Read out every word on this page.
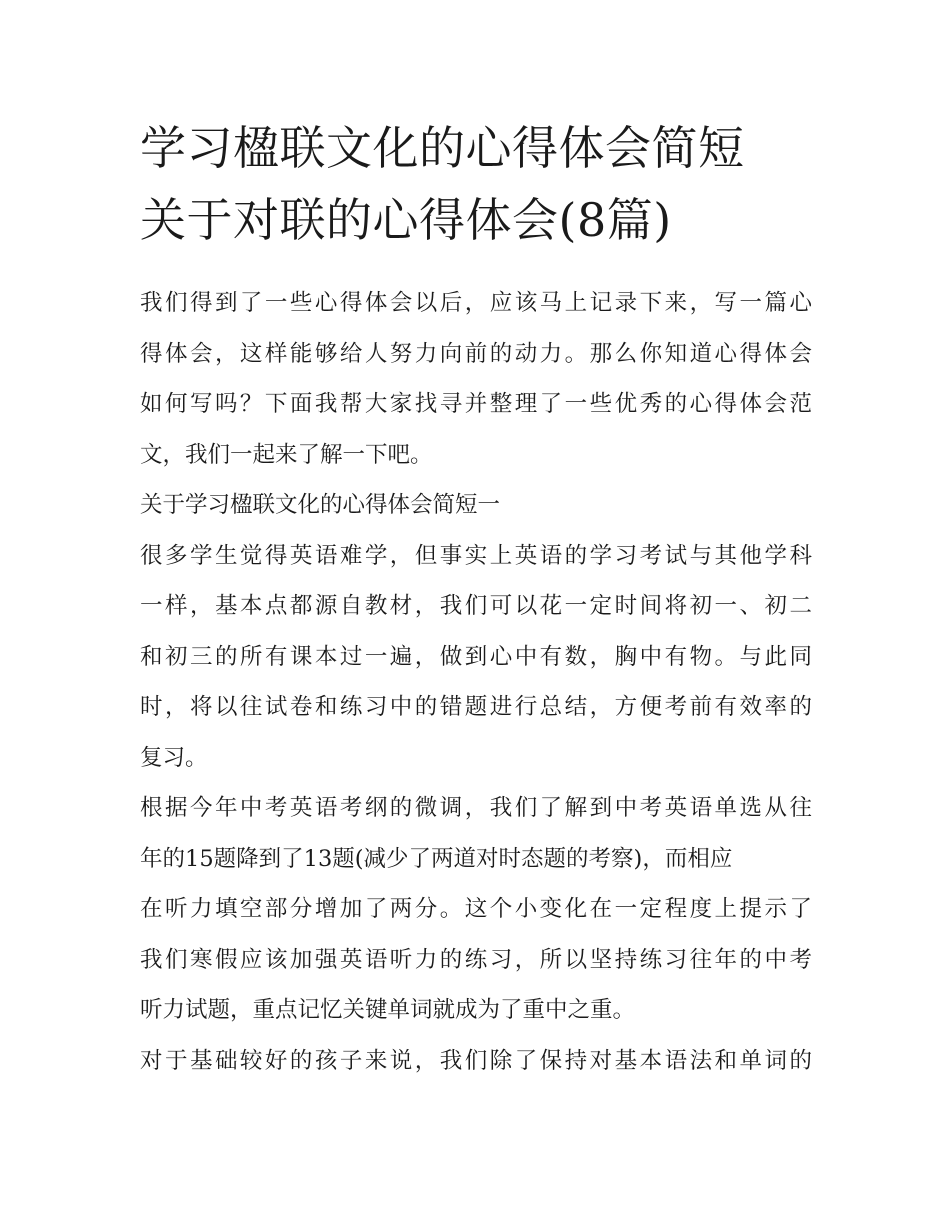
学习楹联文化的心得体会简短
关于对联的心得体会(8篇)

我们得到了一些心得体会以后，应该马上记录下来，写一篇心
得体会，这样能够给人努力向前的动力。那么你知道心得体会
如何写吗？下面我帮大家找寻并整理了一些优秀的心得体会范
文，我们一起来了解一下吧。

关于学习楹联文化的心得体会简短一

很多学生觉得英语难学，但事实上英语的学习考试与其他学科
一样，基本点都源自教材，我们可以花一定时间将初一、初二
和初三的所有课本过一遍，做到心中有数，胸中有物。与此同
时，将以往试卷和练习中的错题进行总结，方便考前有效率的
复习。

根据今年中考英语考纲的微调，我们了解到中考英语单选从往
年的15题降到了13题(减少了两道对时态题的考察)，而相应
在听力填空部分增加了两分。这个小变化在一定程度上提示了
我们寒假应该加强英语听力的练习，所以坚持练习往年的中考
听力试题，重点记忆关键单词就成为了重中之重。

对于基础较好的孩子来说，我们除了保持对基本语法和单词的
